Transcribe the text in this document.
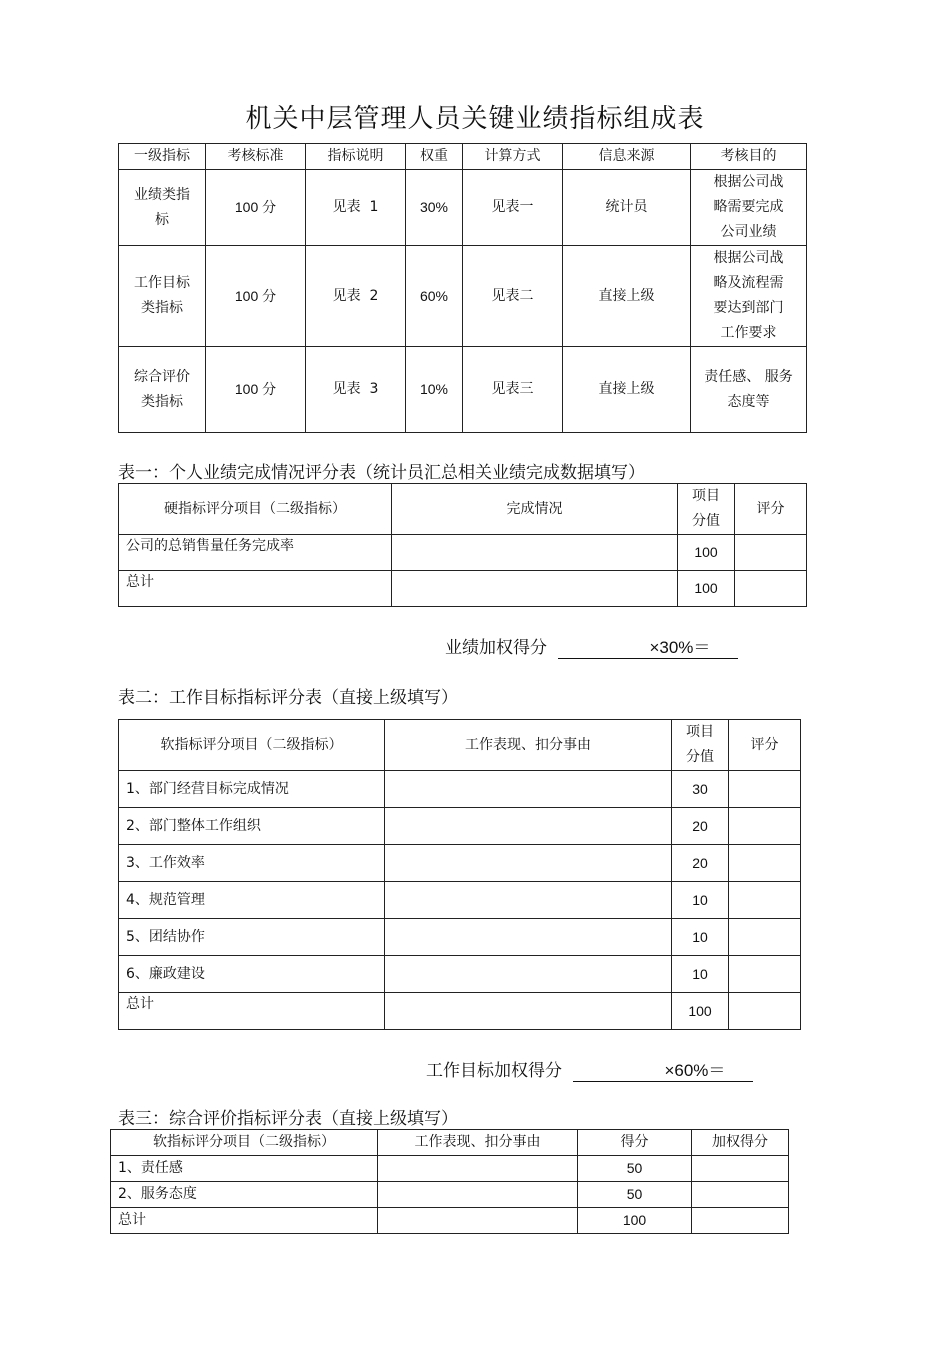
机关中层管理人员关键业绩指标组成表
一级指标	考核标准	指标说明	权重	计算方式	信息来源	考核目的
业绩类指
标	100 分	见表  1	30%	见表一	统计员	根据公司战
略需要完成
公司业绩
工作目标
类指标	100 分	见表  2	60%	见表二	直接上级	根据公司战
略及流程需
要达到部门
工作要求
综合评价
类指标	100 分	见表  3	10%	见表三	直接上级	责任感、 服务
态度等
表一：个人业绩完成情况评分表（统计员汇总相关业绩完成数据填写）
硬指标评分项目（二级指标）	完成情况	项目
分值	评分
公司的总销售量任务完成率		100	
总计		100	
业绩加权得分	×30%＝
表二：工作目标指标评分表（直接上级填写）
软指标评分项目（二级指标）	工作表现、扣分事由	项目
分值	评分
1、部门经营目标完成情况		30	
2、部门整体工作组织		20	
3、工作效率		20	
4、规范管理		10	
5、团结协作		10	
6、廉政建设		10	
总计		100	
工作目标加权得分	×60%＝
表三：综合评价指标评分表（直接上级填写）
软指标评分项目（二级指标）	工作表现、扣分事由	得分	加权得分
1、责任感		50	
2、服务态度		50	
总计		100	
